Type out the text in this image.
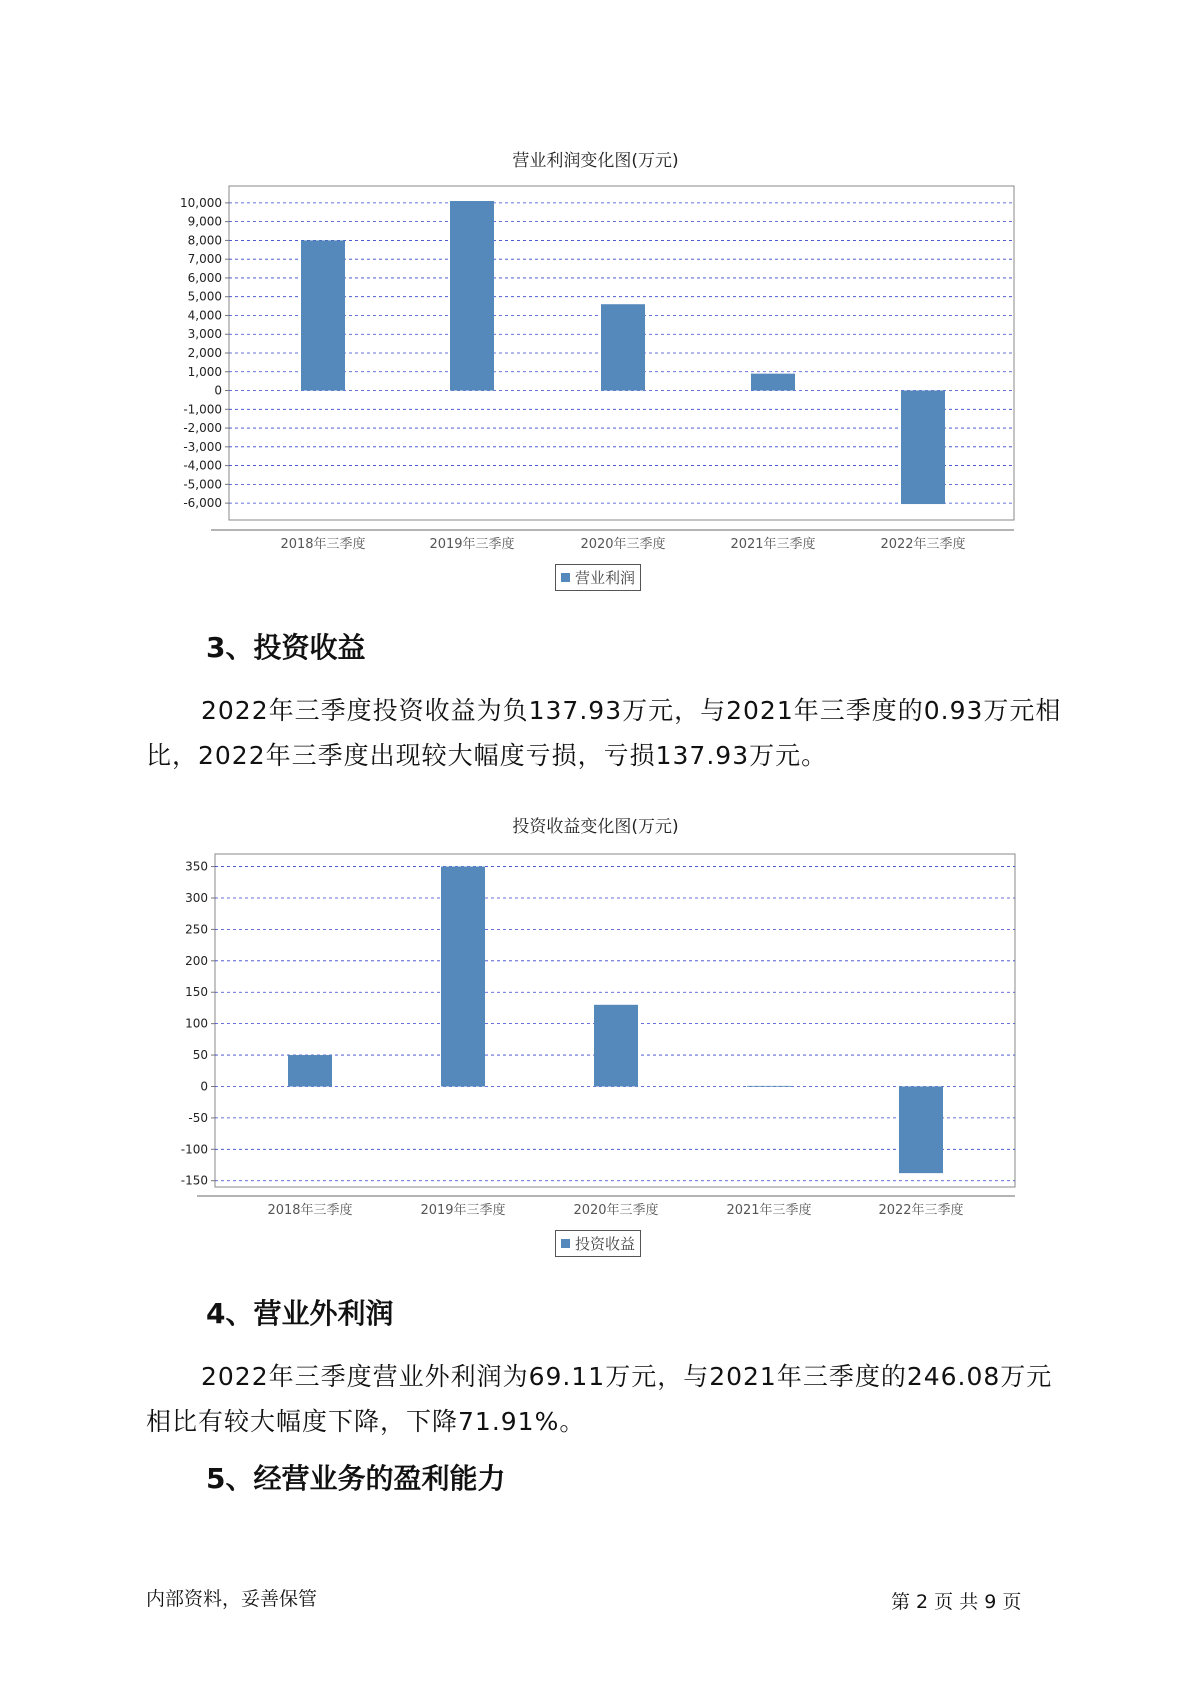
营业利润变化图(万元)
10,000
9,000
8,000
7,000
6,000
5,000
4,000
3,000
2,000
1,000
0
-1,000
-2,000
-3,000
-4,000
-5,000
-6,000
2018年三季度	2019年三季度	2020年三季度	2021年三季度	2022年三季度
营业利润
3、投资收益
2022年三季度投资收益为负137.93万元，与2021年三季度的0.93万元相比，2022年三季度出现较大幅度亏损，亏损137.93万元。
投资收益变化图(万元)
350
300
250
200
150
100
50
0
-50
-100
-150
2018年三季度	2019年三季度	2020年三季度	2021年三季度	2022年三季度
投资收益
4、营业外利润
2022年三季度营业外利润为69.11万元，与2021年三季度的246.08万元相比有较大幅度下降，下降71.91%。
5、经营业务的盈利能力
内部资料，妥善保管	第 2 页 共 9 页
